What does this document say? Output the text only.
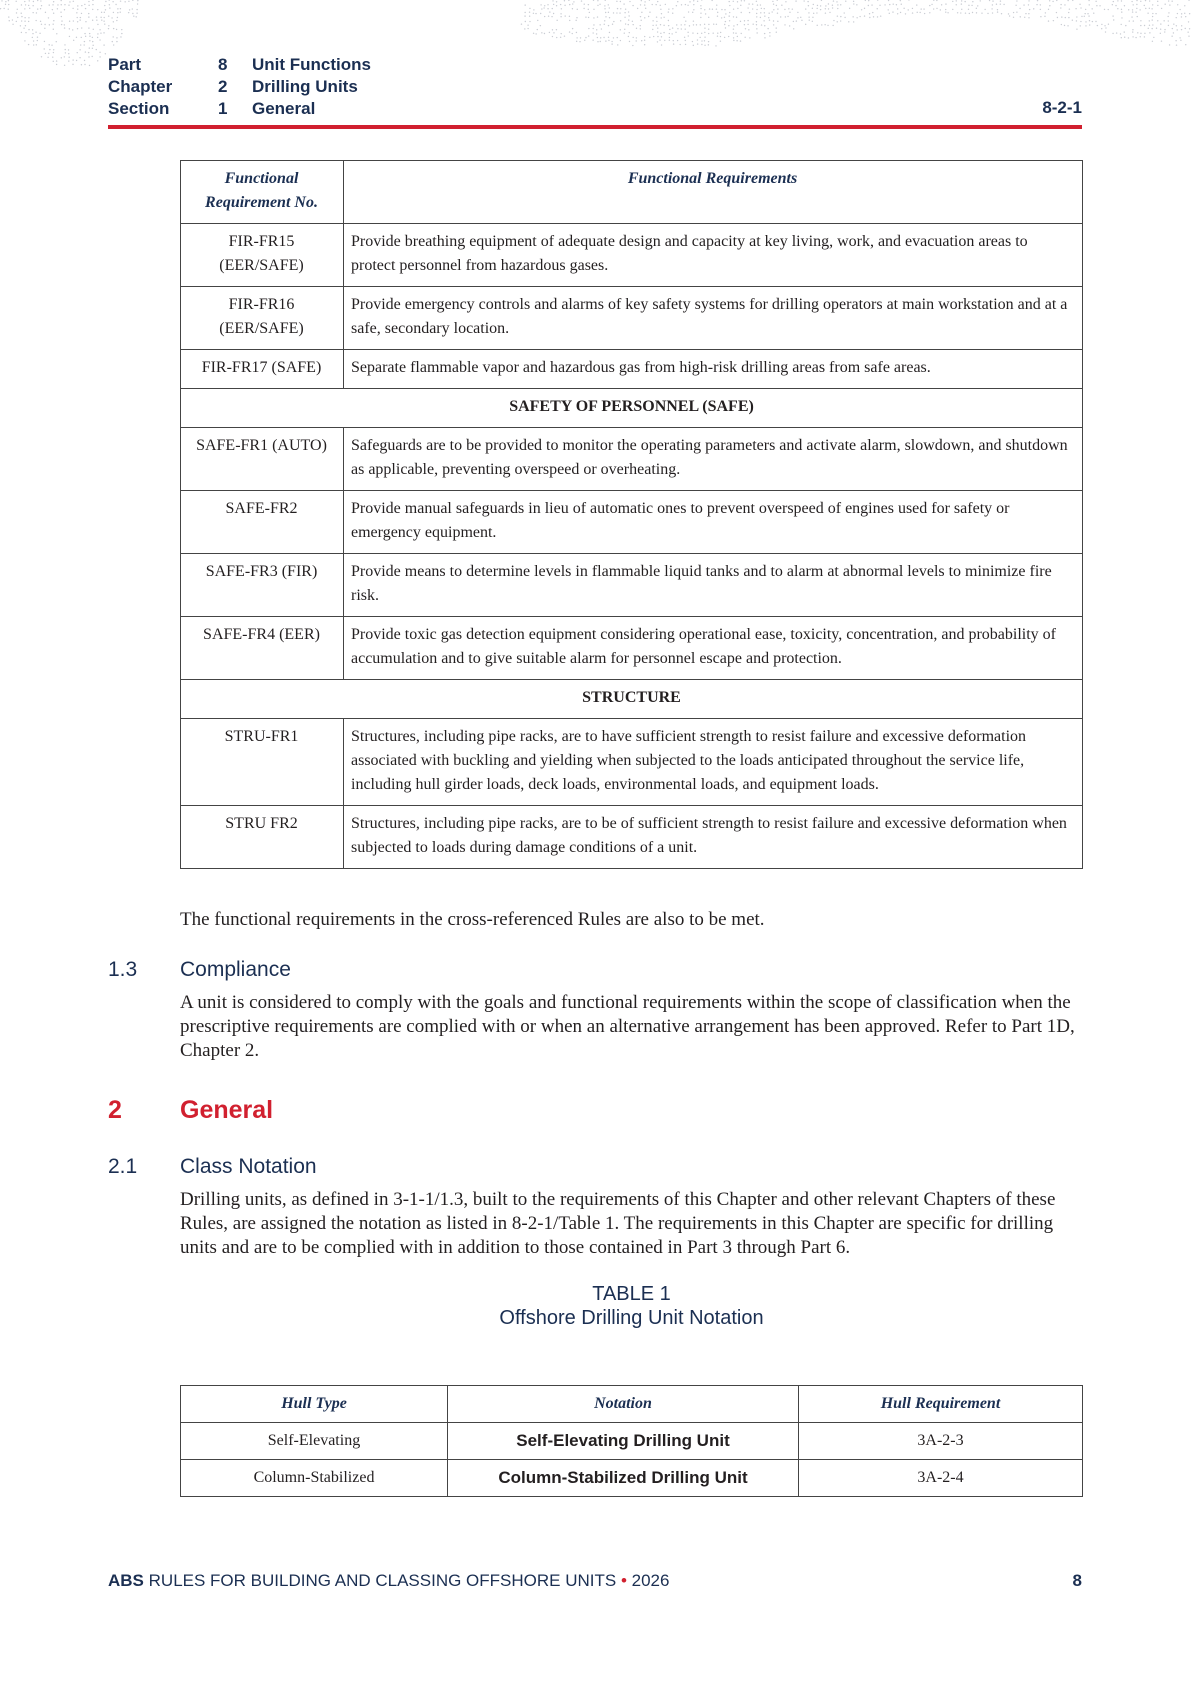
Part	8 Unit Functions
Chapter	2 Drilling Units
Section	1 General	8-2-1
Functional Requirement No.	Functional Requirements
FIR-FR15 (EER/SAFE)	Provide breathing equipment of adequate design and capacity at key living, work, and evacuation areas to protect personnel from hazardous gases.
FIR-FR16 (EER/SAFE)	Provide emergency controls and alarms of key safety systems for drilling operators at main workstation and at a safe, secondary location.
FIR-FR17 (SAFE)	Separate flammable vapor and hazardous gas from high-risk drilling areas from safe areas.
SAFETY OF PERSONNEL (SAFE)	
SAFE-FR1 (AUTO)	Safeguards are to be provided to monitor the operating parameters and activate alarm, slowdown, and shutdown as applicable, preventing overspeed or overheating.
SAFE-FR2	Provide manual safeguards in lieu of automatic ones to prevent overspeed of engines used for safety or emergency equipment.
SAFE-FR3 (FIR)	Provide means to determine levels in flammable liquid tanks and to alarm at abnormal levels to minimize fire risk.
SAFE-FR4 (EER)	Provide toxic gas detection equipment considering operational ease, toxicity, concentration, and probability of accumulation and to give suitable alarm for personnel escape and protection.
STRUCTURE	
STRU-FR1	Structures, including pipe racks, are to have sufficient strength to resist failure and excessive deformation associated with buckling and yielding when subjected to the loads anticipated throughout the service life, including hull girder loads, deck loads, environmental loads, and equipment loads.
STRU FR2	Structures, including pipe racks, are to be of sufficient strength to resist failure and excessive deformation when subjected to loads during damage conditions of a unit.

The functional requirements in the cross-referenced Rules are also to be met.

1.3 Compliance

A unit is considered to comply with the goals and functional requirements within the scope of classification when the prescriptive requirements are complied with or when an alternative arrangement has been approved. Refer to Part 1D, Chapter 2.

2 General
2.1 Class Notation

Drilling units, as defined in 3-1-1/1.3, built to the requirements of this Chapter and other relevant Chapters of these Rules, are assigned the notation as listed in 8-2-1/Table 1. The requirements in this Chapter are specific for drilling units and are to be complied with in addition to those contained in Part 3 through Part 6.

TABLE 1
Offshore Drilling Unit Notation
Hull Type	Notation	Hull Requirement
Self-Elevating	Self-Elevating Drilling Unit	3A-2-3
Column-Stabilized	Column-Stabilized Drilling Unit	3A-2-4
ABS RULES FOR BUILDING AND CLASSING OFFSHORE UNITS • 2026	8
